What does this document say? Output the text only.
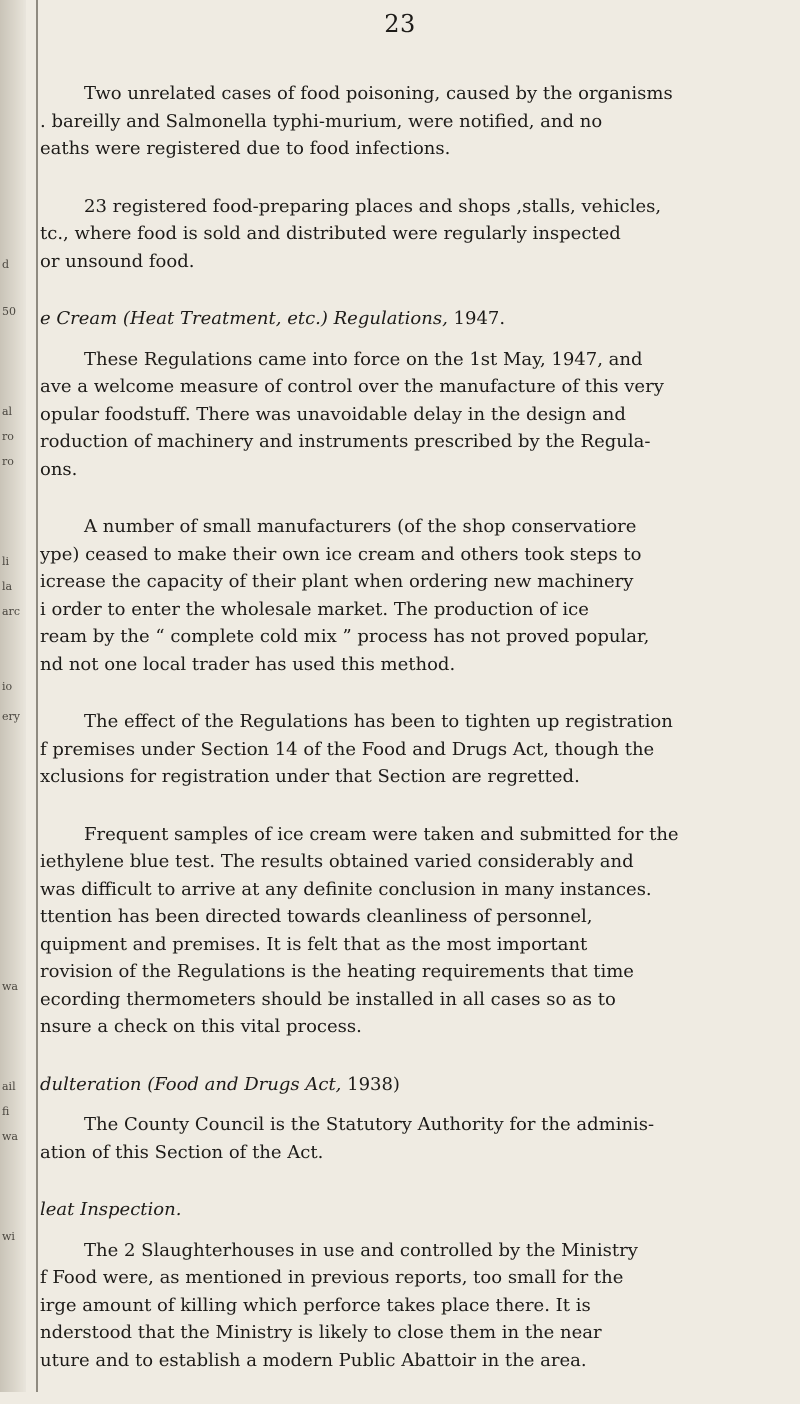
d
50
al
ro
ro
li
la
arc
io
ery
wa
ail
fi
wa
wi
23
Two unrelated cases of food poisoning, caused by the organisms
. bareilly and Salmonella typhi-murium, were notified, and no
eaths were registered due to food infections.
23 registered food-preparing places and shops ,stalls, vehicles,
tc., where food is sold and distributed were regularly inspected
or unsound food.
e Cream (Heat Treatment, etc.) Regulations, 1947.
These Regulations came into force on the 1st May, 1947, and
ave a welcome measure of control over the manufacture of this very
opular foodstuff. There was unavoidable delay in the design and
roduction of machinery and instruments prescribed by the Regula-
ons.
A number of small manufacturers (of the shop conservatiore
ype) ceased to make their own ice cream and others took steps to
icrease the capacity of their plant when ordering new machinery
i order to enter the wholesale market. The production of ice
ream by the “ complete cold mix ” process has not proved popular,
nd not one local trader has used this method.
The effect of the Regulations has been to tighten up registration
f premises under Section 14 of the Food and Drugs Act, though the
xclusions for registration under that Section are regretted.
Frequent samples of ice cream were taken and submitted for the
iethylene blue test. The results obtained varied considerably and
was difficult to arrive at any definite conclusion in many instances.
ttention has been directed towards cleanliness of personnel,
quipment and premises. It is felt that as the most important
rovision of the Regulations is the heating requirements that time
ecording thermometers should be installed in all cases so as to
nsure a check on this vital process.
dulteration (Food and Drugs Act, 1938)
The County Council is the Statutory Authority for the adminis-
ation of this Section of the Act.
leat Inspection.
The 2 Slaughterhouses in use and controlled by the Ministry
f Food were, as mentioned in previous reports, too small for the
irge amount of killing which perforce takes place there. It is
nderstood that the Ministry is likely to close them in the near
uture and to establish a modern Public Abattoir in the area.
